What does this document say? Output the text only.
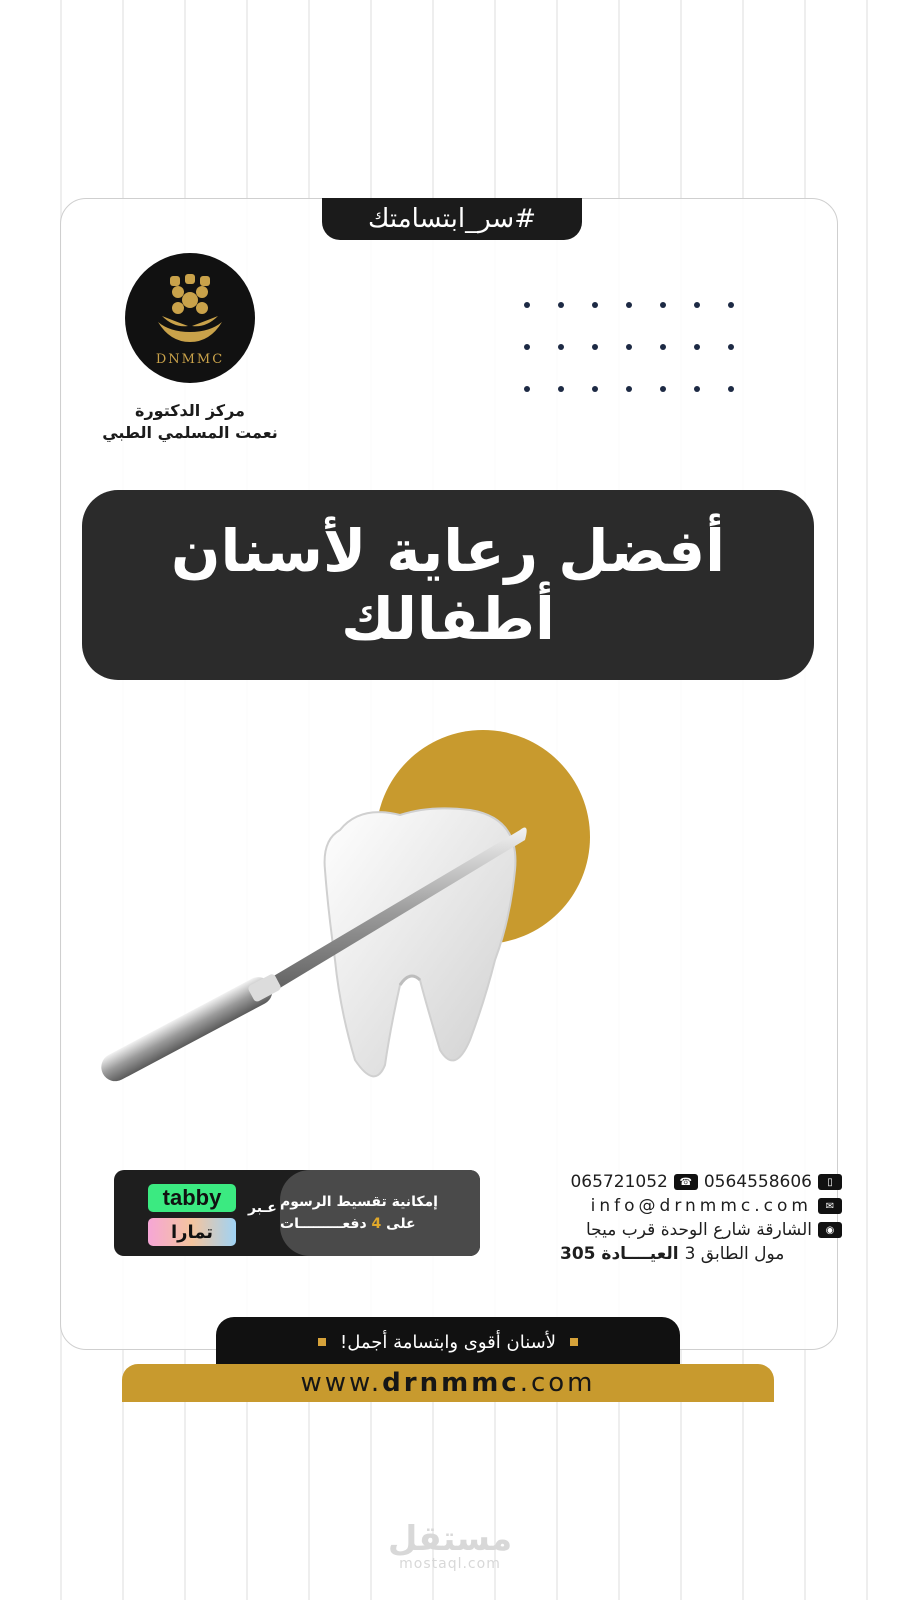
#سر_ابتسامتك
DNMMC
مركز الدكتورة
نعمت المسلمي الطبي
أفضل رعاية لأسنان أطفالك
tabby
تمارا
عـبر إمكانية تقسيط الرسوم
على 4 دفعـــــــــات
065721052	☎ 0564558606	▯
info@drnmmc.com	✉
الشارقة شارع الوحدة قرب ميجا	◉
مول الطابق 3
العيــــادة 305
لأسنان أقوى وابتسامة أجمل!
www. drnmmc .com
مستقل
mostaql.com
